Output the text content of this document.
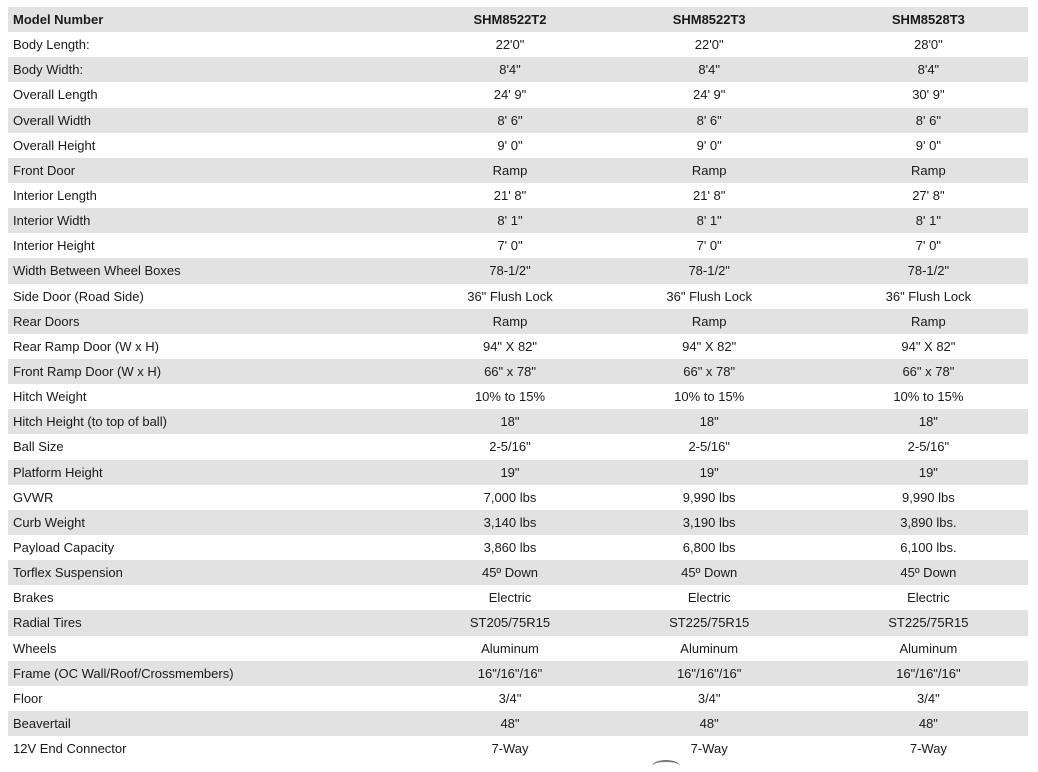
Model Number	SHM8522T2	SHM8522T3	SHM8528T3
Body Length:	22'0"	22'0"	28'0"
Body Width:	8'4"	8'4"	8'4"
Overall Length	24' 9"	24' 9"	30' 9"
Overall Width	8' 6"	8' 6"	8' 6"
Overall Height	9' 0"	9' 0"	9' 0"
Front Door	Ramp	Ramp	Ramp
Interior Length	21' 8"	21' 8"	27' 8"
Interior Width	8' 1"	8' 1"	8' 1"
Interior Height	7' 0"	7' 0"	7' 0"
Width Between Wheel Boxes	78-1/2"	78-1/2"	78-1/2"
Side Door (Road Side)	36" Flush Lock	36" Flush Lock	36" Flush Lock
Rear Doors	Ramp	Ramp	Ramp
Rear Ramp Door (W x H)	94" X 82"	94" X 82"	94" X 82"
Front Ramp Door (W x H)	66" x 78"	66" x 78"	66" x 78"
Hitch Weight	10% to 15%	10% to 15%	10% to 15%
Hitch Height (to top of ball)	18"	18"	18"
Ball Size	2-5/16"	2-5/16"	2-5/16"
Platform Height	19"	19"	19"
GVWR	7,000 lbs	9,990 lbs	9,990 lbs
Curb Weight	3,140 lbs	3,190 lbs	3,890 lbs.
Payload Capacity	3,860 lbs	6,800 lbs	6,100 lbs.
Torflex Suspension	45º Down	45º Down	45º Down
Brakes	Electric	Electric	Electric
Radial Tires	ST205/75R15	ST225/75R15	ST225/75R15
Wheels	Aluminum	Aluminum	Aluminum
Frame (OC Wall/Roof/Crossmembers)	16"/16"/16"	16"/16"/16"	16"/16"/16"
Floor	3/4"	3/4"	3/4"
Beavertail	48"	48"	48"
12V End Connector	7-Way	7-Way	7-Way
